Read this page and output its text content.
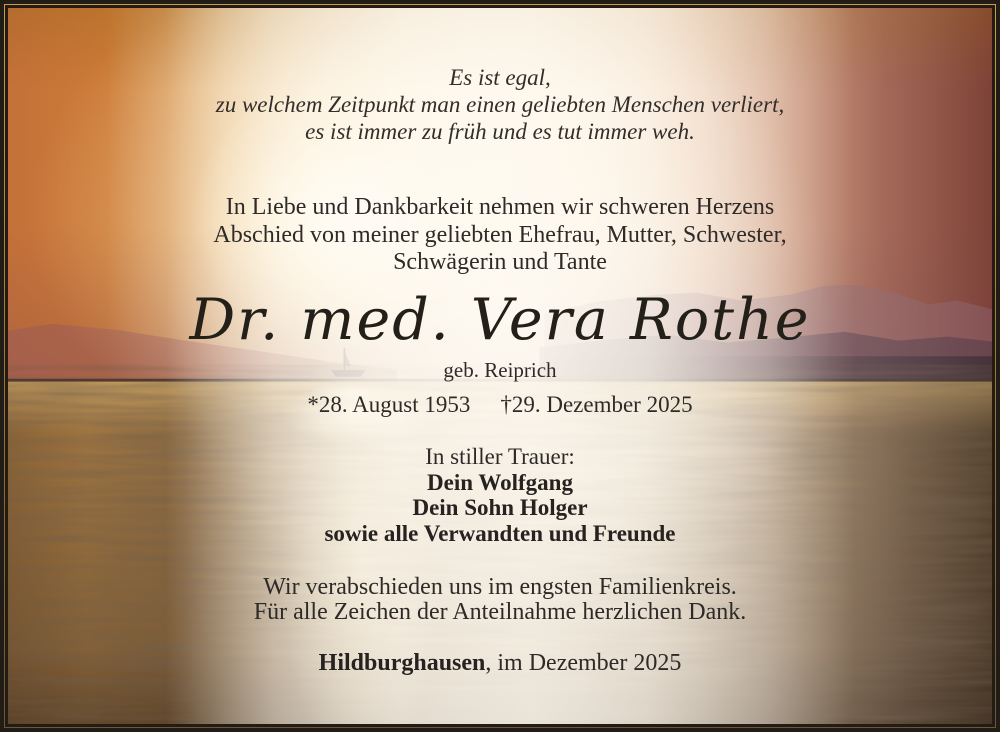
Es ist egal,
zu welchem Zeitpunkt man einen geliebten Menschen verliert,
es ist immer zu früh und es tut immer weh.
In Liebe und Dankbarkeit nehmen wir schweren Herzens
Abschied von meiner geliebten Ehefrau, Mutter, Schwester,
Schwägerin und Tante
Dr. med. Vera Rothe
geb. Reiprich
*28. August 1953 †29. Dezember 2025
In stiller Trauer:
Dein Wolfgang
Dein Sohn Holger
sowie alle Verwandten und Freunde
Wir verabschieden uns im engsten Familienkreis.
Für alle Zeichen der Anteilnahme herzlichen Dank.
Hildburghausen, im Dezember 2025
